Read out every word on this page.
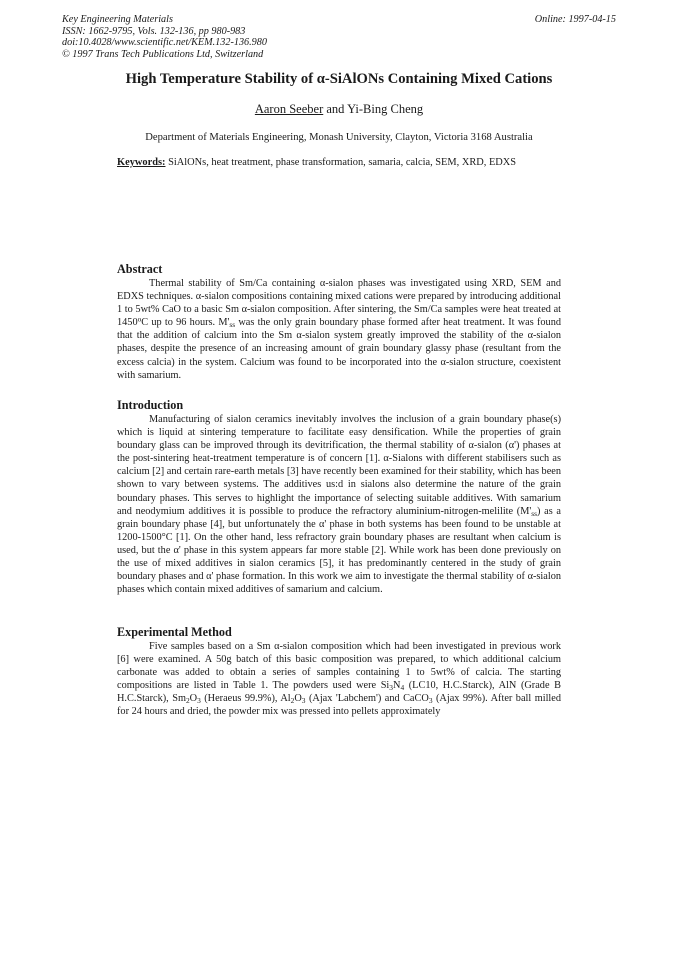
Key Engineering Materials
ISSN: 1662-9795, Vols. 132-136, pp 980-983
doi:10.4028/www.scientific.net/KEM.132-136.980
© 1997 Trans Tech Publications Ltd, Switzerland
Online: 1997-04-15
High Temperature Stability of α-SiAlONs Containing Mixed Cations
Aaron Seeber and Yi-Bing Cheng
Department of Materials Engineering, Monash University, Clayton, Victoria 3168 Australia
Keywords: SiAlONs, heat treatment, phase transformation, samaria, calcia, SEM, XRD, EDXS
Abstract

Thermal stability of Sm/Ca containing α-sialon phases was investigated using XRD, SEM and EDXS techniques. α-sialon compositions containing mixed cations were prepared by introducing additional 1 to 5wt% CaO to a basic Sm α-sialon composition. After sintering, the Sm/Ca samples were heat treated at 1450$^o$C up to 96 hours. $M'_{ss}$ was the only grain boundary phase formed after heat treatment. It was found that the addition of calcium into the Sm α-sialon system greatly improved the stability of the α-sialon phases, despite the presence of an increasing amount of grain boundary glassy phase (resultant from the excess calcia) in the system. Calcium was found to be incorporated into the α-sialon structure, coexistent with samarium.

Introduction

Manufacturing of sialon ceramics inevitably involves the inclusion of a grain boundary phase(s) which is liquid at sintering temperature to facilitate easy densification. While the properties of grain boundary glass can be improved through its devitrification, the thermal stability of α-sialon (α') phases at the post-sintering heat-treatment temperature is of concern [1]. α-Sialons with different stabilisers such as calcium [2] and certain rare-earth metals [3] have recently been examined for their stability, which has been shown to vary between systems. The additives us:d in sialons also determine the nature of the grain boundary phases. This serves to highlight the importance of selecting suitable additives. With samarium and neodymium additives it is possible to produce the refractory aluminium-nitrogen-melilite $(M'_{ss})$ as a grain boundary phase [4], but unfortunately the α' phase in both systems has been found to be unstable at 1200-1500°C [1]. On the other hand, less refractory grain boundary phases are resultant when calcium is used, but the α' phase in this system appears far more stable [2]. While work has been done previously on the use of mixed additives in sialon ceramics [5], it has predominantly centered in the study of grain boundary phases and α' phase formation. In this work we aim to investigate the thermal stability of α-sialon phases which contain mixed additives of samarium and calcium.

Experimental Method

Five samples based on a Sm α-sialon composition which had been investigated in previous work [6] were examined. A 50g batch of this basic composition was prepared, to which additional calcium carbonate was added to obtain a series of samples containing 1 to 5wt% of calcia. The starting compositions are listed in Table 1. The powders used were $Si_3N_4$ (LC10, H.C.Starck), AlN (Grade B H.C.Starck), $Sm_2O_3$ (Heraeus 99.9%), $Al_2O_3$ (Ajax 'Labchem') and CaCO$_3$ (Ajax 99%). After ball milled for 24 hours and dried, the powder mix was pressed into pellets approximately
